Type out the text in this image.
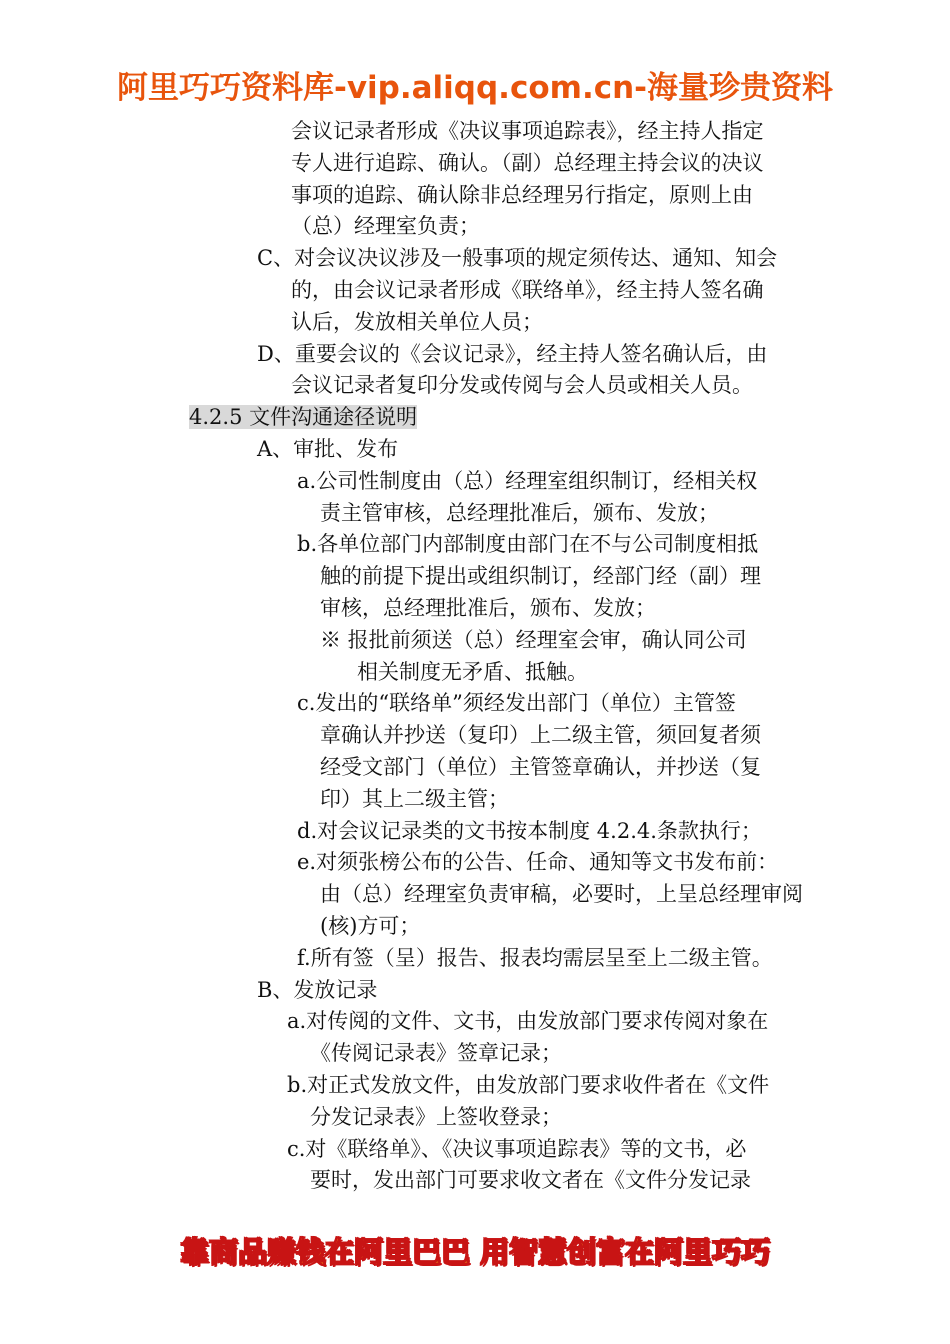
阿里巧巧资料库-vip.aliqq.com.cn-海量珍贵资料
会议记录者形成《决议事项追踪表》，经主持人指定
专人进行追踪、确认。（副）总经理主持会议的决议
事项的追踪、确认除非总经理另行指定，原则上由
（总）经理室负责；
C、对会议决议涉及一般事项的规定须传达、通知、知会
的，由会议记录者形成《联络单》，经主持人签名确
认后，发放相关单位人员；
D、重要会议的《会议记录》，经主持人签名确认后，由
会议记录者复印分发或传阅与会人员或相关人员。
4.2.5 文件沟通途径说明
A、审批、发布
a.公司性制度由（总）经理室组织制订，经相关权
责主管审核，总经理批准后，颁布、发放；
b.各单位部门内部制度由部门在不与公司制度相抵
触的前提下提出或组织制订，经部门经（副）理
审核，总经理批准后，颁布、发放；
※ 报批前须送（总）经理室会审，确认同公司
相关制度无矛盾、抵触。
c.发出的“联络单”须经发出部门（单位）主管签
章确认并抄送（复印）上二级主管，须回复者须
经受文部门（单位）主管签章确认，并抄送（复
印）其上二级主管；
d.对会议记录类的文书按本制度 4.2.4.条款执行；
e.对须张榜公布的公告、任命、通知等文书发布前：
由（总）经理室负责审稿，必要时，上呈总经理审阅
(核)方可；
f.所有签（呈）报告、报表均需层呈至上二级主管。
B、发放记录
a.对传阅的文件、文书，由发放部门要求传阅对象在
《传阅记录表》签章记录；
b.对正式发放文件，由发放部门要求收件者在《文件
分发记录表》上签收登录；
c.对《联络单》、《决议事项追踪表》等的文书，必
要时，发出部门可要求收文者在《文件分发记录
靠商品赚钱在阿里巴巴 用智慧创富在阿里巧巧
